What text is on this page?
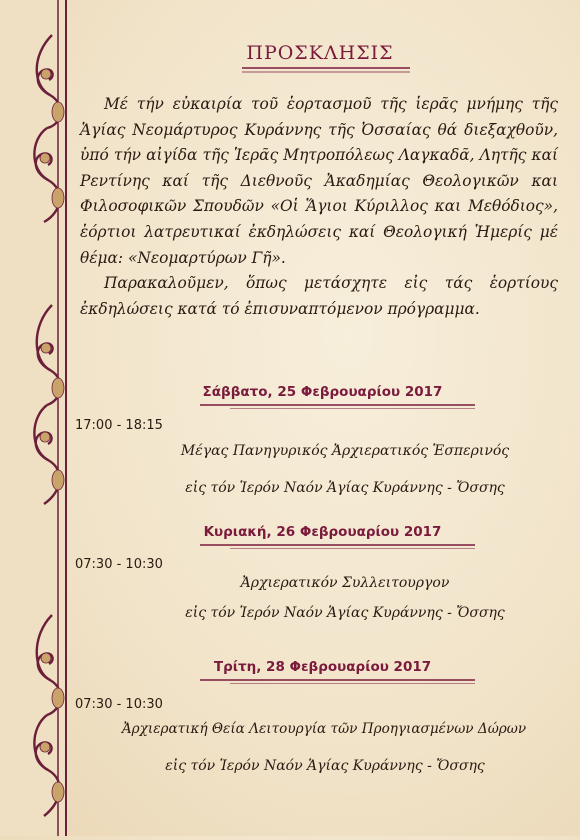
ΠΡΟΣΚΛΗΣΙΣ

Μέ τήν εὐκαιρία τοῦ ἑορτασμοῦ τῆς ἱερᾶς μνήμης τῆς Ἁγίας Νεομάρτυρος Κυράννης τῆς Ὀσσαίας θά διεξαχθοῦν, ὑπό τήν αἰγίδα τῆς Ἱερᾶς Μητροπόλεως Λαγκαδᾶ, Λητῆς καί Ρεντίνης καί τῆς Διεθνοῦς Ἀκαδημίας Θεολογικῶν και Φιλοσοφικῶν Σπουδῶν «Οἱ Ἅγιοι Κύριλλος και Μεθόδιος», ἑόρτιοι λατρευτικαί ἐκδηλώσεις καί Θεολογική Ἡμερίς μέ θέμα: «Νεομαρτύρων Γῆ».

Παρακαλοῦμεν, ὅπως μετάσχητε εἰς τάς ἑορτίους ἐκδηλώσεις κατά τό ἐπισυναπτόμενον πρόγραμμα.

Σάββατο, 25 Φεβρουαρίου 2017
17:00 - 18:15
Μέγας Πανηγυρικός Ἀρχιερατικός Ἑσπερινός
εἰς τόν Ἱερόν Ναόν Ἁγίας Κυράννης - Ὄσσης
Κυριακή, 26 Φεβρουαρίου 2017
07:30 - 10:30
Ἀρχιερατικόν Συλλειτουργον
εἰς τόν Ἱερόν Ναόν Ἁγίας Κυράννης - Ὄσσης
Τρίτη, 28 Φεβρουαρίου 2017
07:30 - 10:30
Ἀρχιερατική Θεία Λειτουργία τῶν Προηγιασμένων Δώρων
εἰς τόν Ἱερόν Ναόν Ἁγίας Κυράννης - Ὄσσης
